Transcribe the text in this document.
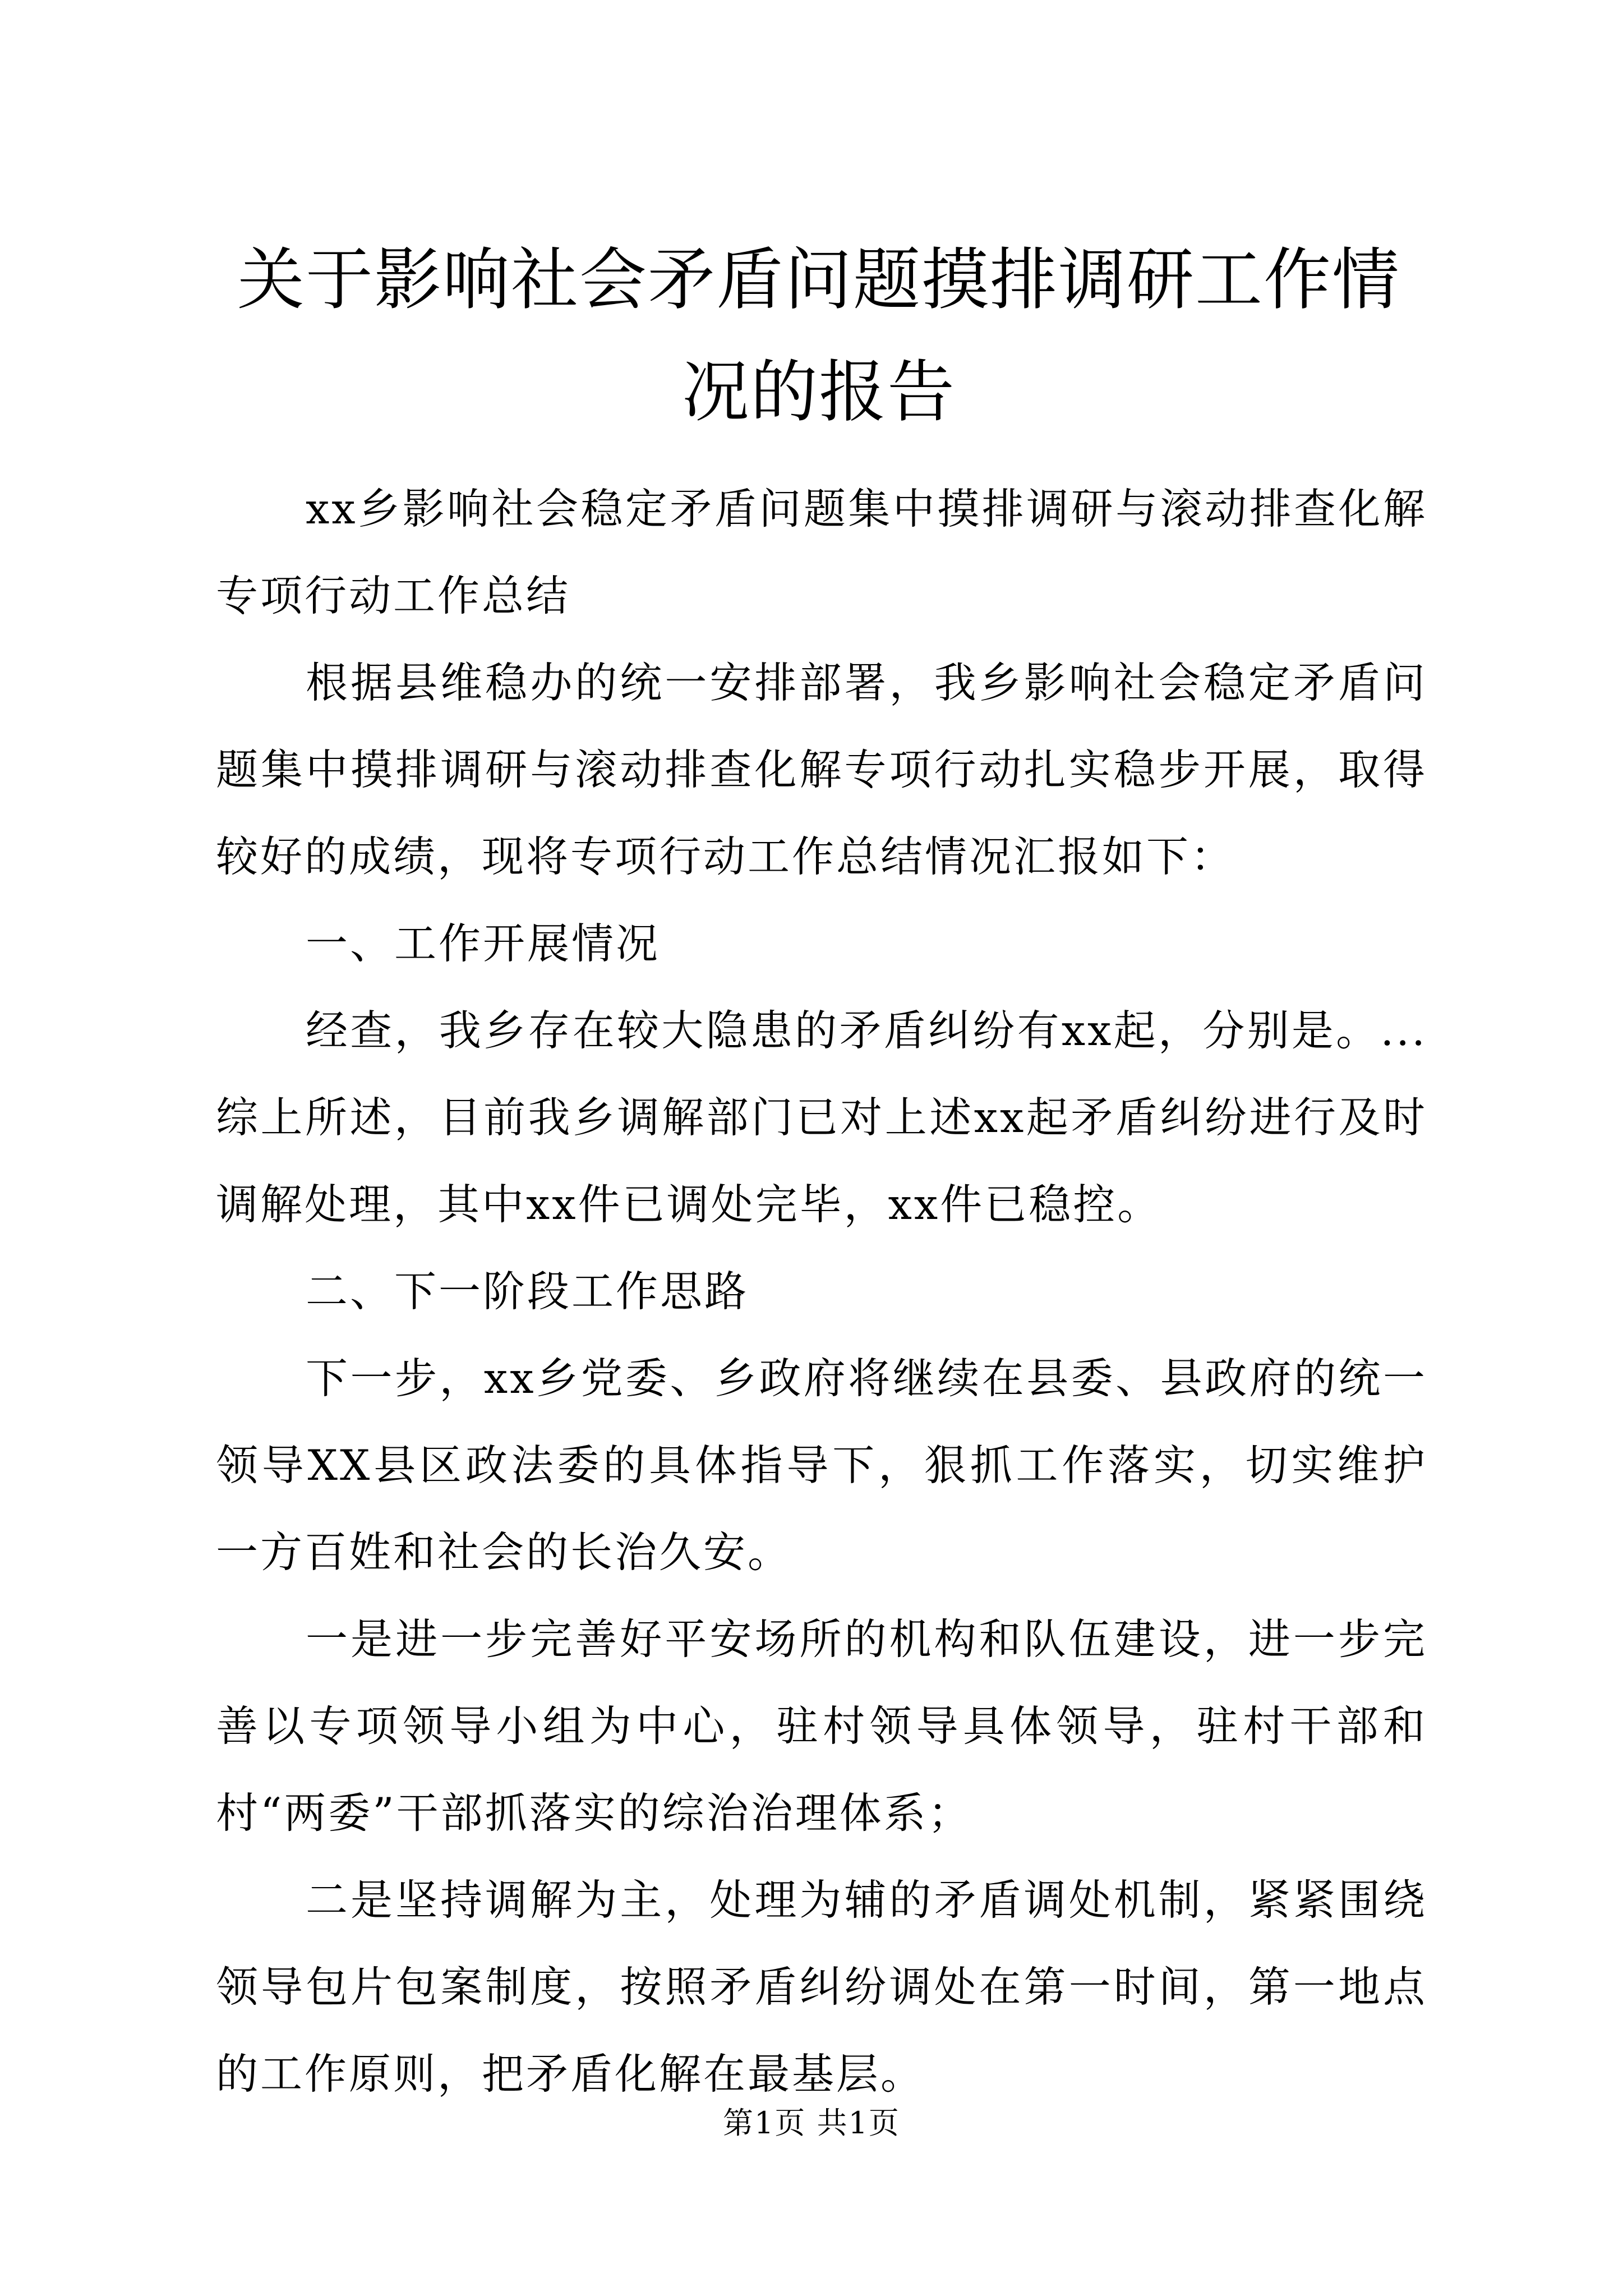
关于影响社会矛盾问题摸排调研工作情况的报告

xx乡影响社会稳定矛盾问题集中摸排调研与滚动排查化解专项行动工作总结

根据县维稳办的统一安排部署，我乡影响社会稳定矛盾问题集中摸排调研与滚动排查化解专项行动扎实稳步开展，取得较好的成绩，现将专项行动工作总结情况汇报如下：

一、工作开展情况

经查，我乡存在较大隐患的矛盾纠纷有xx起，分别是。...综上所述，目前我乡调解部门已对上述xx起矛盾纠纷进行及时调解处理，其中xx件已调处完毕，xx件已稳控。

二、下一阶段工作思路

下一步，xx乡党委、乡政府将继续在县委、县政府的统一领导XX县区政法委的具体指导下，狠抓工作落实，切实维护一方百姓和社会的长治久安。

一是进一步完善好平安场所的机构和队伍建设，进一步完善以专项领导小组为中心，驻村领导具体领导，驻村干部和村“两委”干部抓落实的综治治理体系；

二是坚持调解为主，处理为辅的矛盾调处机制，紧紧围绕领导包片包案制度，按照矛盾纠纷调处在第一时间，第一地点的工作原则，把矛盾化解在最基层。

第1页 共1页
